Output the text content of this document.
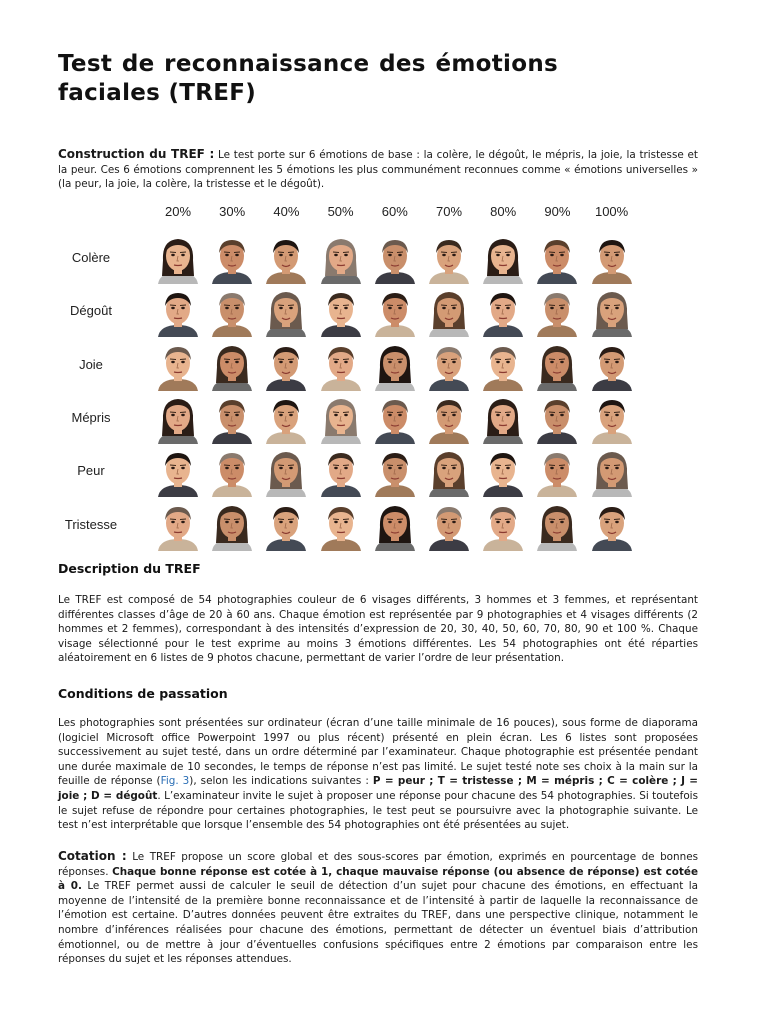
Test de reconnaissance des émotions faciales (TREF)

Construction du TREF : Le test porte sur 6 émotions de base : la colère, le dégoût, le mépris, la joie, la tristesse et la peur. Ces 6 émotions comprennent les 5 émotions les plus communément reconnues comme « émotions universelles » (la peur, la joie, la colère, la tristesse et le dégoût).

20%	30%	40%	50%	60%	70%	80%	90%	100%
Colère
Dégoût
Joie
Mépris
Peur
Tristesse
Description du TREF

Le TREF est composé de 54 photographies couleur de 6 visages différents, 3 hommes et 3 femmes, et représentant différentes classes d’âge de 20 à 60 ans. Chaque émotion est représentée par 9 photographies et 4 visages différents (2 hommes et 2 femmes), correspondant à des intensités d’expression de 20, 30, 40, 50, 60, 70, 80, 90 et 100 %. Chaque visage sélectionné pour le test exprime au moins 3 émotions différentes. Les 54 photographies ont été réparties aléatoirement en 6 listes de 9 photos chacune, permettant de varier l’ordre de leur présentation.

Conditions de passation

Les photographies sont présentées sur ordinateur (écran d’une taille minimale de 16 pouces), sous forme de diaporama (logiciel Microsoft office Powerpoint 1997 ou plus récent) présenté en plein écran. Les 6 listes sont proposées successivement au sujet testé, dans un ordre déterminé par l’examinateur. Chaque photographie est présentée pendant une durée maximale de 10 secondes, le temps de réponse n’est pas limité. Le sujet testé note ses choix à la main sur la feuille de réponse (Fig. 3), selon les indications suivantes : P = peur ; T = tristesse ; M = mépris ; C = colère ; J = joie ; D = dégoût. L’examinateur invite le sujet à proposer une réponse pour chacune des 54 photographies. Si toutefois le sujet refuse de répondre pour certaines photographies, le test peut se poursuivre avec la photographie suivante. Le test n’est interprétable que lorsque l’ensemble des 54 photographies ont été présentées au sujet.

Cotation : Le TREF propose un score global et des sous-scores par émotion, exprimés en pourcentage de bonnes réponses. Chaque bonne réponse est cotée à 1, chaque mauvaise réponse (ou absence de réponse) est cotée à 0. Le TREF permet aussi de calculer le seuil de détection d’un sujet pour chacune des émotions, en effectuant la moyenne de l’intensité de la première bonne reconnaissance et de l’intensité à partir de laquelle la reconnaissance de l’émotion est certaine. D’autres données peuvent être extraites du TREF, dans une perspective clinique, notamment le nombre d’inférences réalisées pour chacune des émotions, permettant de détecter un éventuel biais d’attribution émotionnel, ou de mettre à jour d’éventuelles confusions spécifiques entre 2 émotions par comparaison entre les réponses du sujet et les réponses attendues.
